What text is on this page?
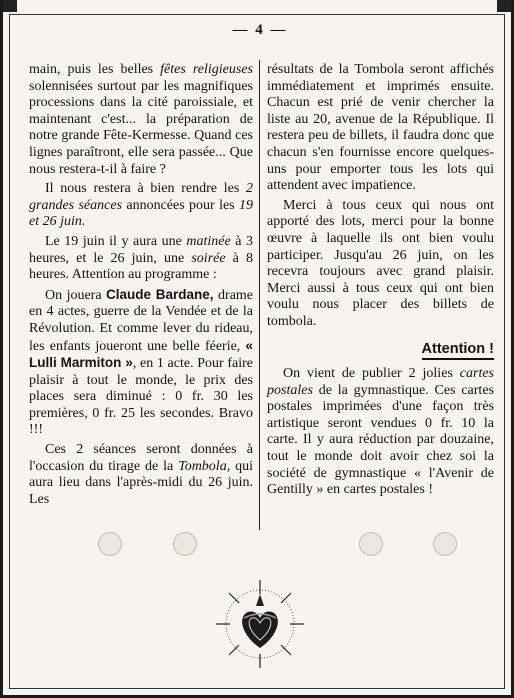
— 4 —

main, puis les belles fêtes religieuses solennisées surtout par les magnifiques processions dans la cité paroissiale, et maintenant c'est... la préparation de notre grande Fête-Kermesse. Quand ces lignes paraîtront, elle sera passée... Que nous restera-t-il à faire ?

Il nous restera à bien rendre les 2 grandes séances annoncées pour les 19 et 26 juin.

Le 19 juin il y aura une matinée à 3 heures, et le 26 juin, une soirée à 8 heures. Attention au programme :

On jouera Claude Bardane, drame en 4 actes, guerre de la Vendée et de la Révolution. Et comme lever du rideau, les enfants joueront une belle féerie, « Lulli Marmiton », en 1 acte. Pour faire plaisir à tout le monde, le prix des places sera diminué : 0 fr. 30 les premières, 0 fr. 25 les secondes. Bravo !!!

Ces 2 séances seront données à l'occasion du tirage de la Tombola, qui aura lieu dans l'après-midi du 26 juin. Les

résultats de la Tombola seront affichés immédiatement et imprimés ensuite. Chacun est prié de venir chercher la liste au 20, avenue de la République. Il restera peu de billets, il faudra donc que chacun s'en fournisse encore quelques-uns pour emporter tous les lots qui attendent avec impatience.

Merci à tous ceux qui nous ont apporté des lots, merci pour la bonne œuvre à laquelle ils ont bien voulu participer. Jusqu'au 26 juin, on les recevra toujours avec grand plaisir. Merci aussi à tous ceux qui ont bien voulu nous placer des billets de tombola.

Attention !

On vient de publier 2 jolies cartes postales de la gymnastique. Ces cartes postales imprimées d'une façon très artistique seront vendues 0 fr. 10 la carte. Il y aura réduction par douzaine, tout le monde doit avoir chez soi la société de gymnastique « l'Avenir de Gentilly » en cartes postales !
